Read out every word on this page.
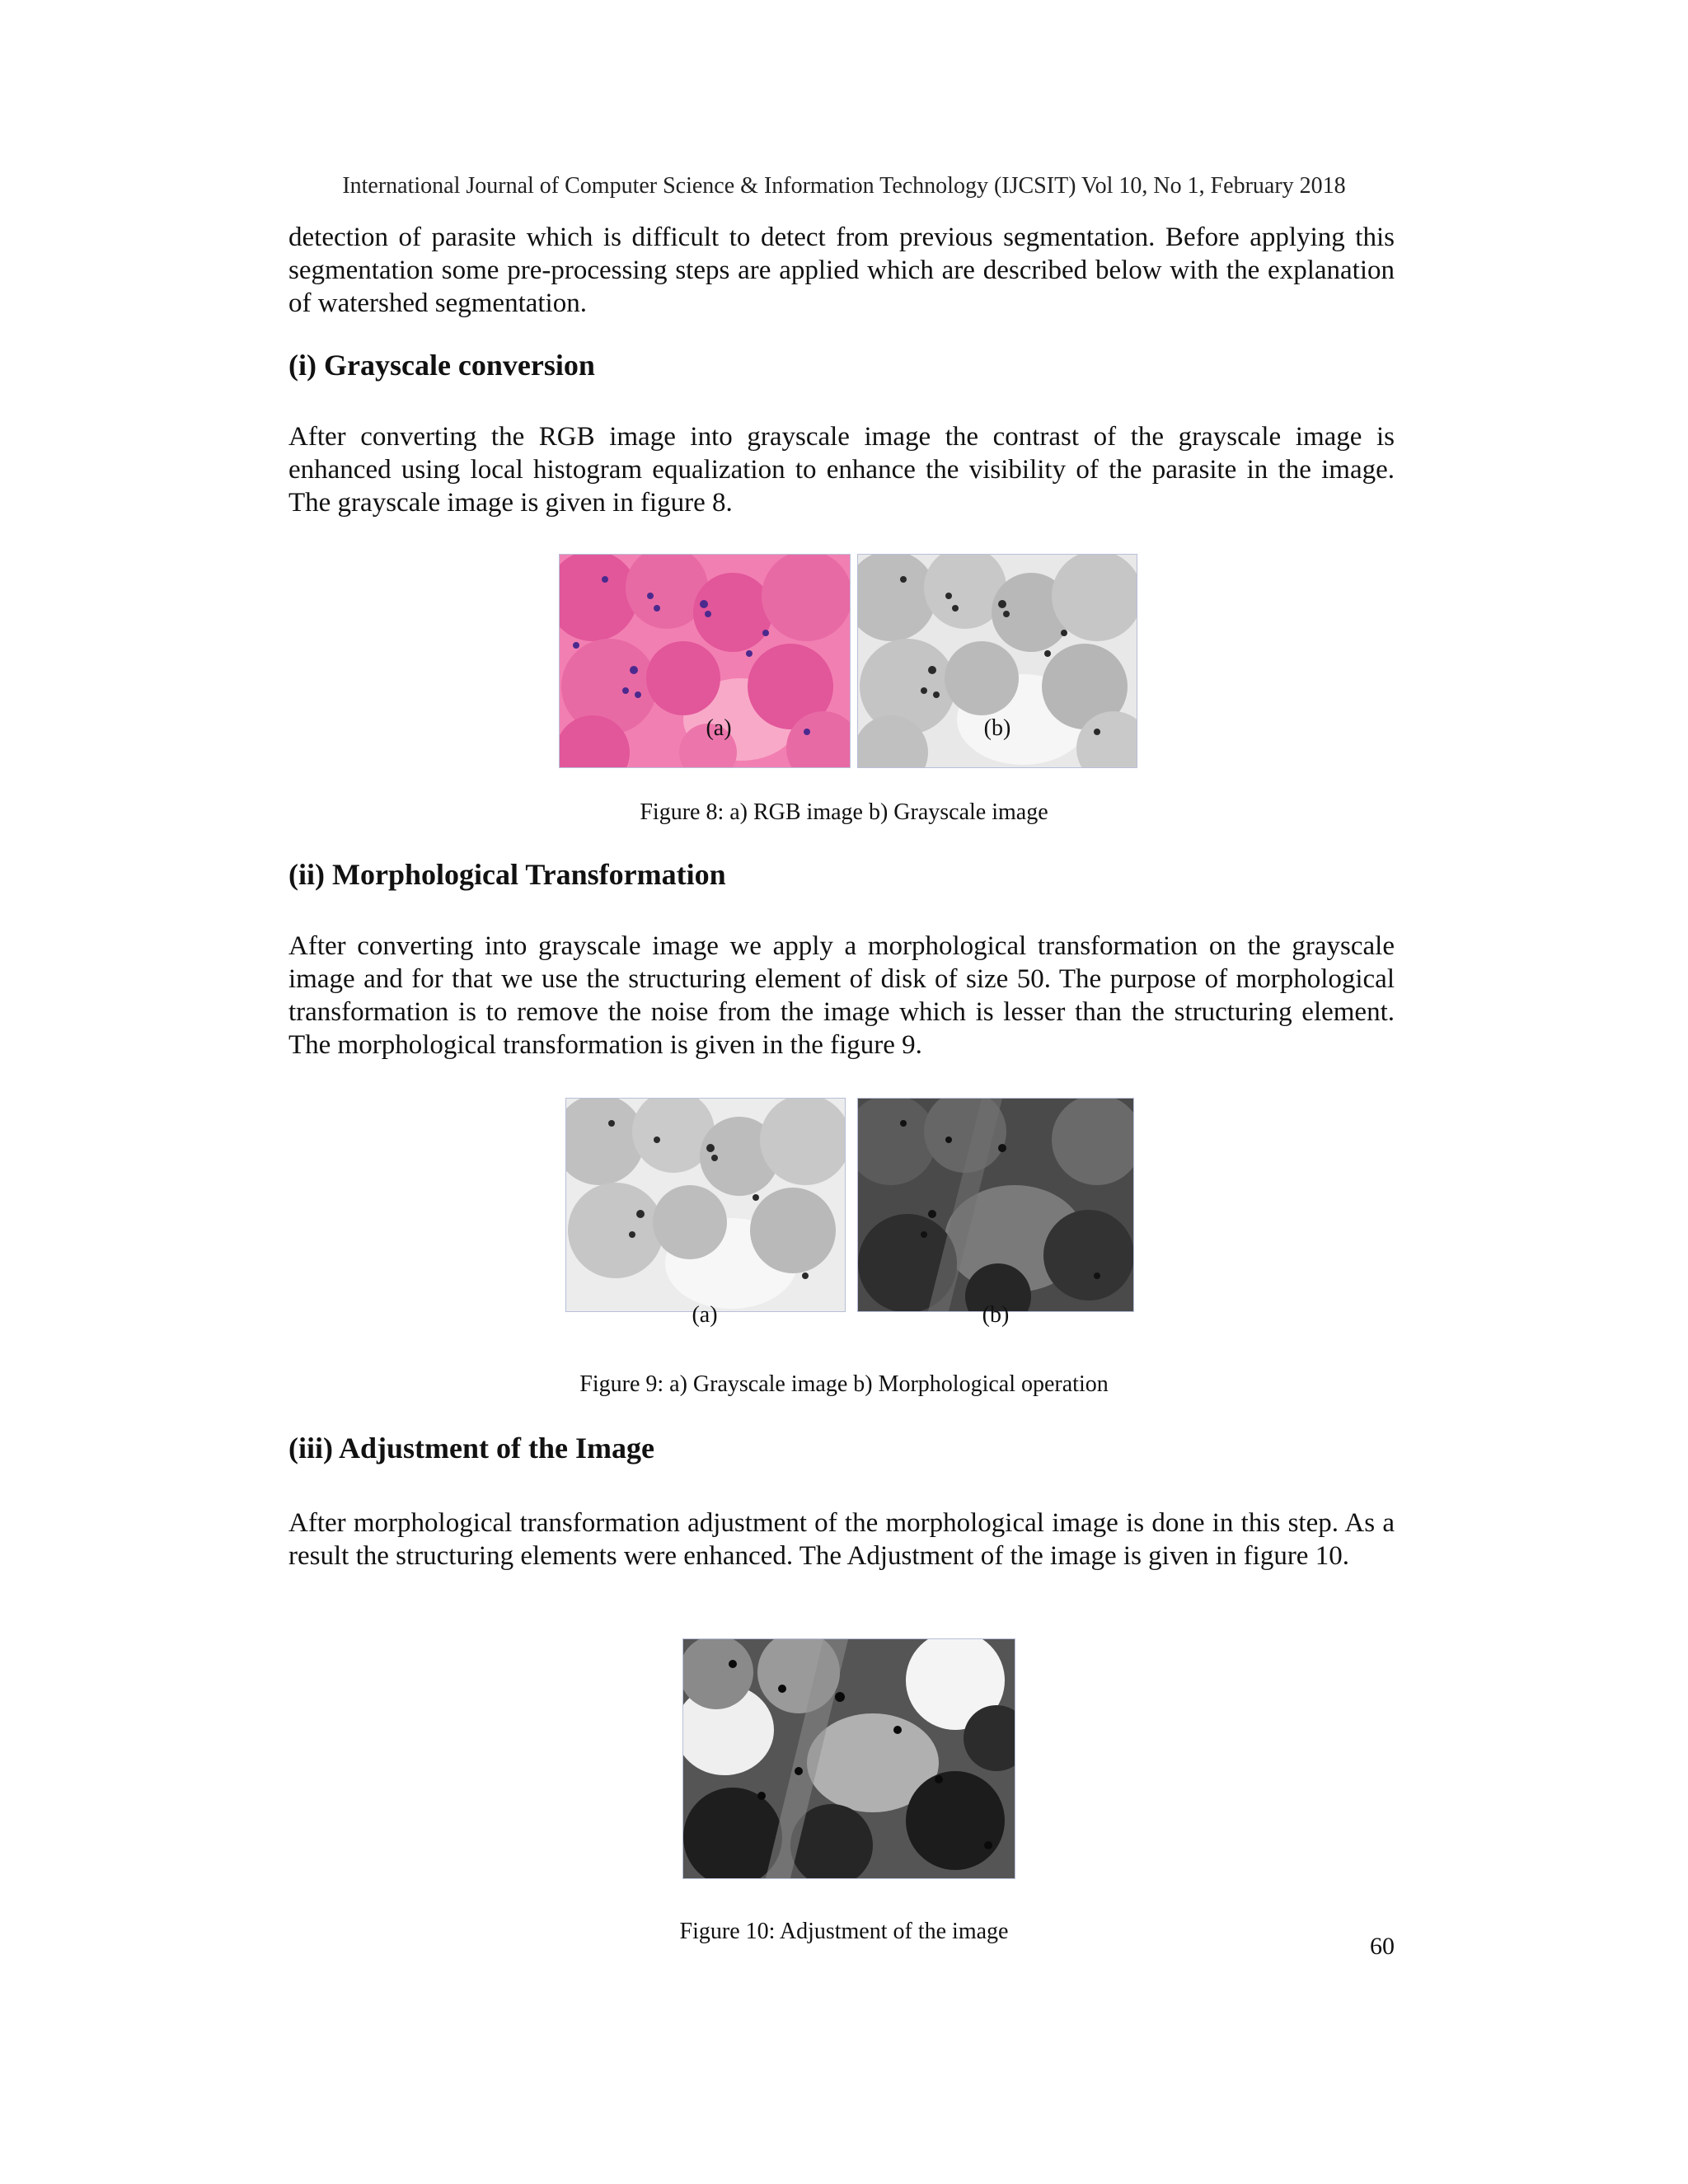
International Journal of Computer Science & Information Technology (IJCSIT) Vol 10, No 1, February 2018
detection of parasite which is difficult to detect from previous segmentation. Before applying this segmentation some pre-processing steps are applied which are described below with the explanation of watershed segmentation.
(i) Grayscale conversion
After converting the RGB image into grayscale image the contrast of the grayscale image is enhanced using local histogram equalization to enhance the visibility of the parasite in the image. The grayscale image is given in figure 8.
(a)	(b)
Figure 8: a) RGB image b) Grayscale image
(ii) Morphological Transformation
After converting into grayscale image we apply a morphological transformation on the grayscale image and for that we use the structuring element of disk of size 50. The purpose of morphological transformation is to remove the noise from the image which is lesser than the structuring element. The morphological transformation is given in the figure 9.
(a)	(b)
Figure 9: a) Grayscale image b) Morphological operation
(iii) Adjustment of the Image
After morphological transformation adjustment of the morphological image is done in this step. As a result the structuring elements were enhanced. The Adjustment of the image is given in figure 10.
Figure 10: Adjustment of the image
60
